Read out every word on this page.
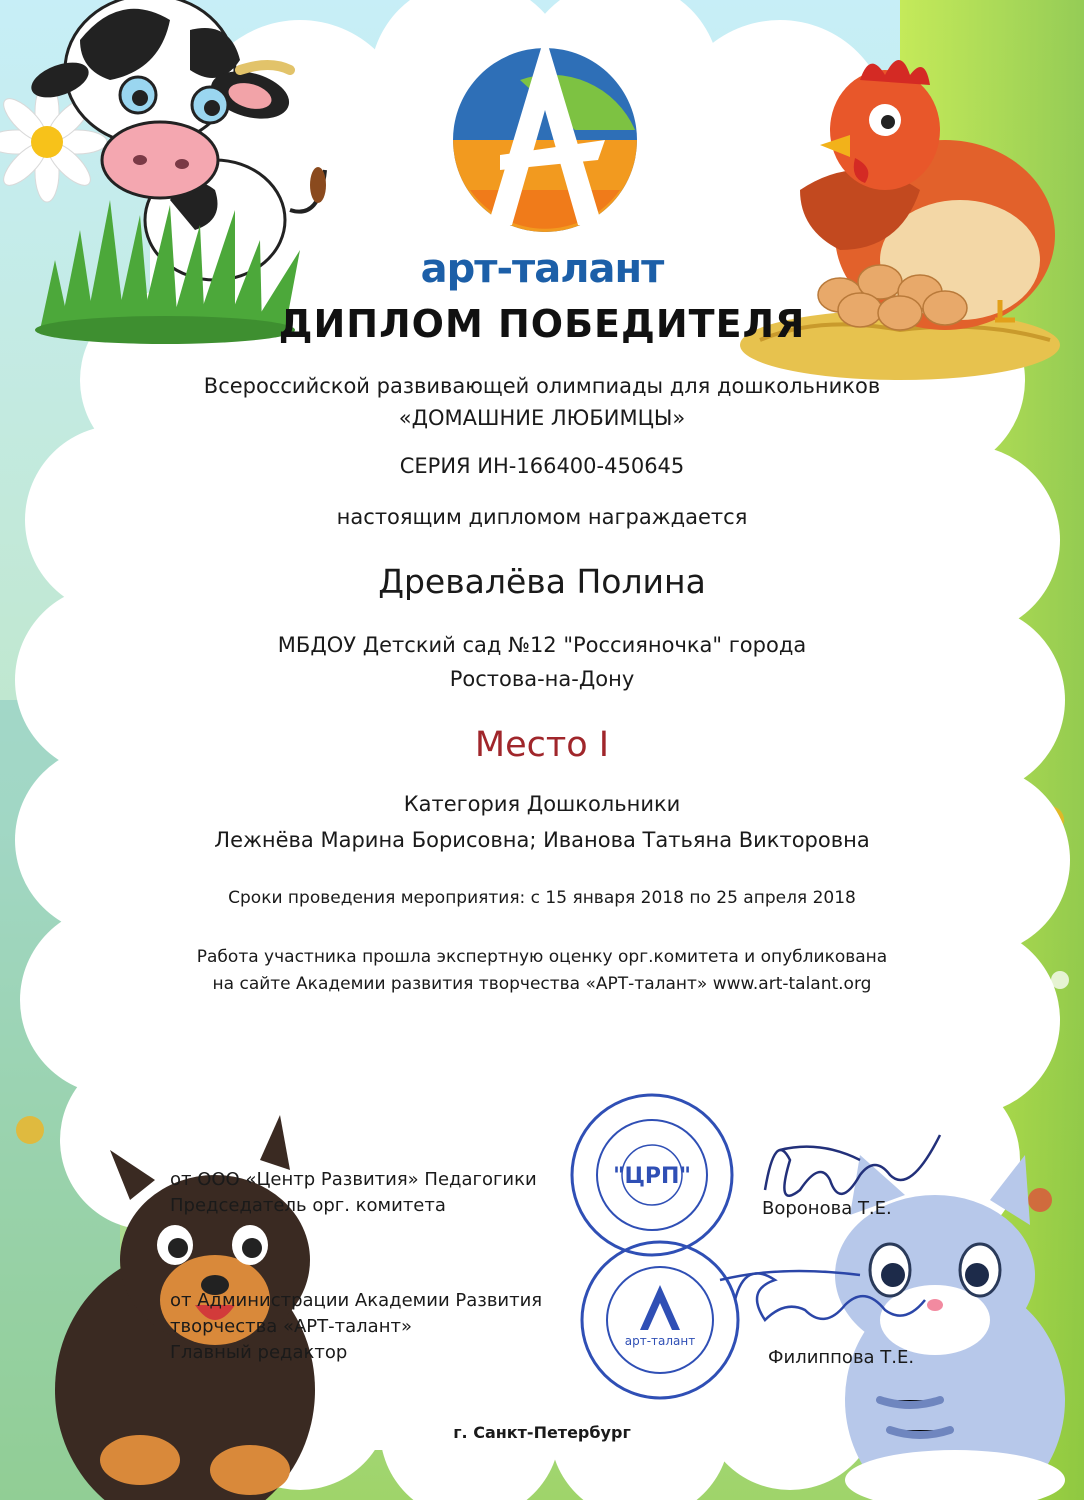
"ЦРП"
арт-талант
арт-талант
ДИПЛОМ ПОБЕДИТЕЛЯ
Всероссийской развивающей олимпиады для дошкольников
«ДОМАШНИЕ ЛЮБИМЦЫ»
СЕРИЯ ИН-166400-450645
настоящим дипломом награждается
Древалёва Полина
МБДОУ Детский сад №12 "Россияночка" города
Ростова-на-Дону
Место I
Категория Дошкольники
Лежнёва Марина Борисовна; Иванова Татьяна Викторовна
Сроки проведения мероприятия: с 15 января 2018 по 25 апреля 2018
Работа участника прошла экспертную оценку орг.комитета и опубликована
на сайте Академии развития творчества «АРТ-талант» www.art-talant.org
от ООО «Центр Развития» Педагогики
Председатель орг. комитета	Воронова Т.Е.
от Администрации Академии Развития
творчества «АРТ-талант»
Главный редактор	Филиппова Т.Е.
г. Санкт-Петербург
